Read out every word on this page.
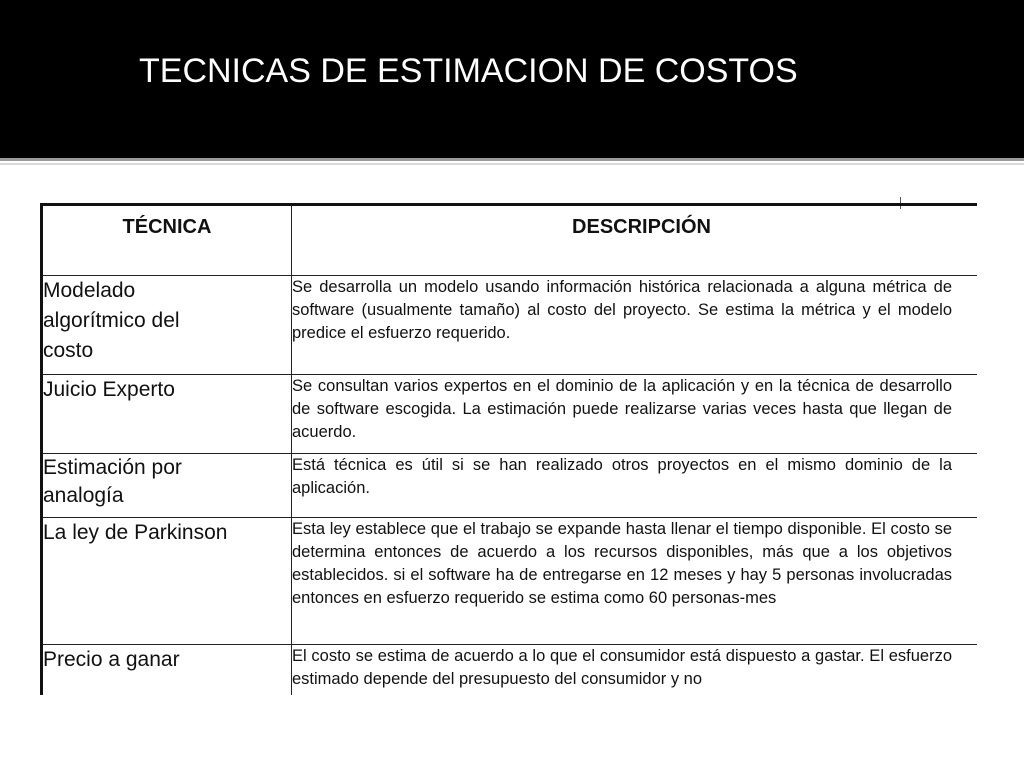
TECNICAS DE ESTIMACION DE COSTOS
TÉCNICA	DESCRIPCIÓN

Modelado algorítmico del costo	Se desarrolla un modelo usando información histórica relacionada a alguna métrica de software (usualmente tamaño) al costo del proyecto. Se estima la métrica y el modelo predice el esfuerzo requerido.

Juicio Experto	Se consultan varios expertos en el dominio de la aplicación y en la técnica de desarrollo de software escogida. La estimación puede realizarse varias veces hasta que llegan de acuerdo.

Estimación por analogía	Está técnica es útil si se han realizado otros proyectos en el mismo dominio de la aplicación.

La ley de Parkinson	Esta ley establece que el trabajo se expande hasta llenar el tiempo disponible. El costo se determina entonces de acuerdo a los recursos disponibles, más que a los objetivos establecidos. si el software ha de entregarse en 12 meses y hay 5 personas involucradas entonces en esfuerzo requerido se estima como 60 personas-mes

Precio a ganar	El costo se estima de acuerdo a lo que el consumidor está dispuesto a gastar. El esfuerzo estimado depende del presupuesto del consumidor y no
